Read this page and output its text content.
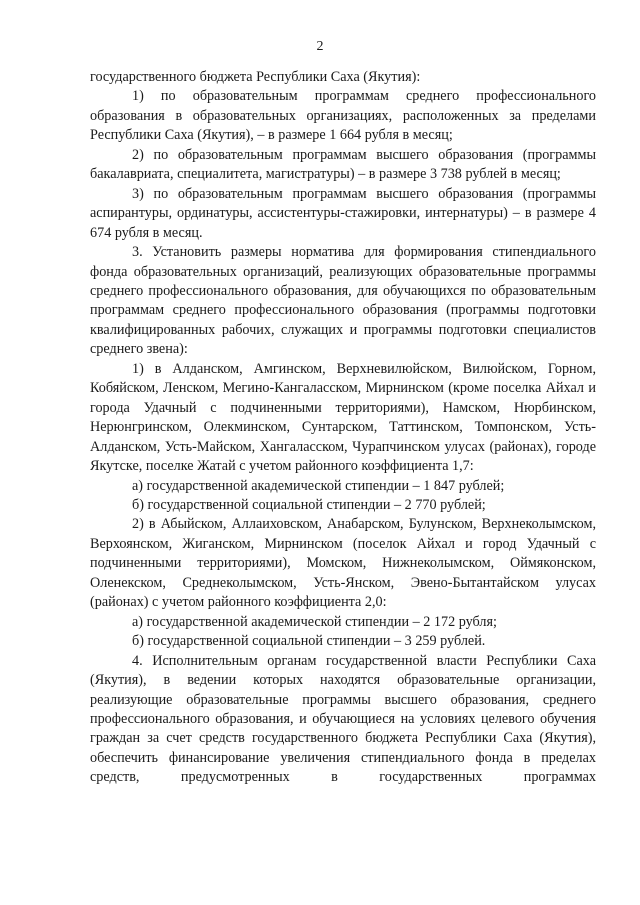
2

государственного бюджета Республики Саха (Якутия):

1) по образовательным программам среднего профессионального образования в образовательных организациях, расположенных за пределами Республики Саха (Якутия), – в размере 1 664 рубля в месяц;

2) по образовательным программам высшего образования (программы бакалавриата, специалитета, магистратуры) – в размере 3 738 рублей в месяц;

3) по образовательным программам высшего образования (программы аспирантуры, ординатуры, ассистентуры-стажировки, интернатуры) – в размере 4 674 рубля в месяц.

3. Установить размеры норматива для формирования стипендиального фонда образовательных организаций, реализующих образовательные программы среднего профессионального образования, для обучающихся по образовательным программам среднего профессионального образования (программы подготовки квалифицированных рабочих, служащих и программы подготовки специалистов среднего звена):

1) в Алданском, Амгинском, Верхневилюйском, Вилюйском, Горном, Кобяйском, Ленском, Мегино-Кангаласском, Мирнинском (кроме поселка Айхал и города Удачный с подчиненными территориями), Намском, Нюрбинском, Нерюнгринском, Олекминском, Сунтарском, Таттинском, Томпонском, Усть-Алданском, Усть-Майском, Хангаласском, Чурапчинском улусах (районах), городе Якутске, поселке Жатай с учетом районного коэффициента 1,7:

а) государственной академической стипендии – 1 847 рублей;

б) государственной социальной стипендии – 2 770 рублей;

2) в Абыйском, Аллаиховском, Анабарском, Булунском, Верхнеколымском, Верхоянском, Жиганском, Мирнинском (поселок Айхал и город Удачный с подчиненными территориями), Момском, Нижнеколымском, Оймяконском, Оленекском, Среднеколымском, Усть-Янском, Эвено-Бытантайском улусах (районах) с учетом районного коэффициента 2,0:

а) государственной академической стипендии – 2 172 рубля;

б) государственной социальной стипендии – 3 259 рублей.

4. Исполнительным органам государственной власти Республики Саха (Якутия), в ведении которых находятся образовательные организации, реализующие образовательные программы высшего образования, среднего профессионального образования, и обучающиеся на условиях целевого обучения граждан за счет средств государственного бюджета Республики Саха (Якутия), обеспечить финансирование увеличения стипендиального фонда в пределах средств, предусмотренных в государственных программах
